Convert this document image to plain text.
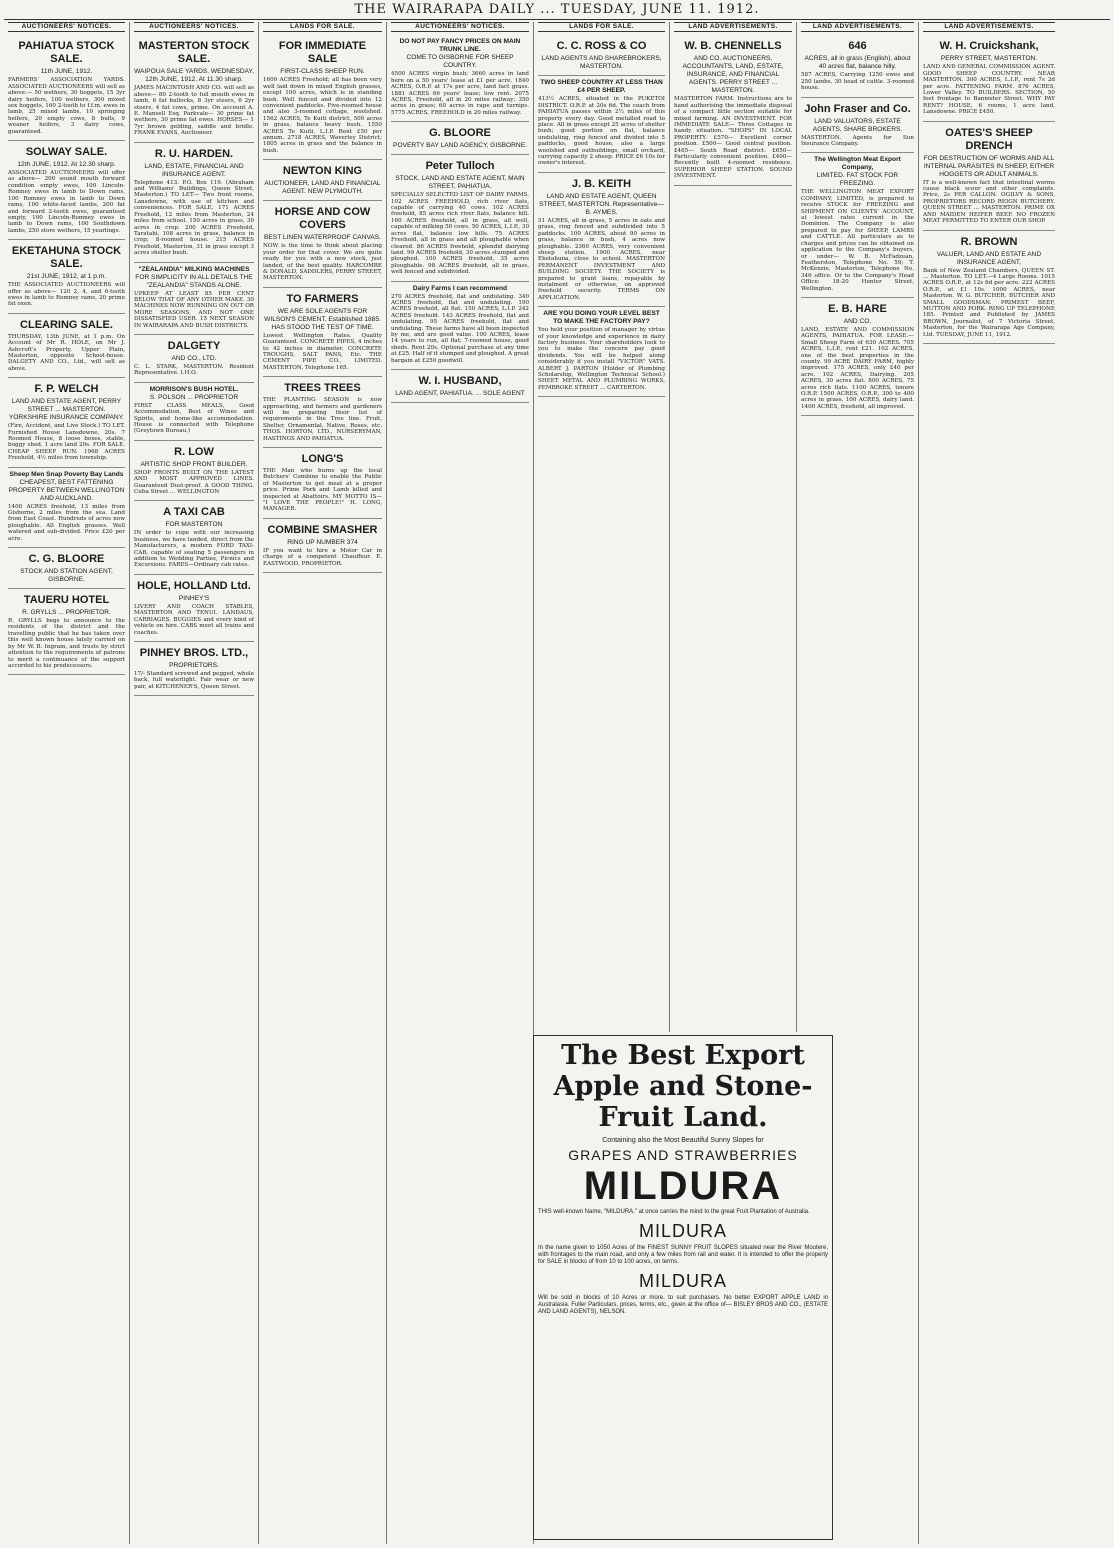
THE WAIRARAPA DAILY ... TUESDAY, JUNE 11. 1912.
AUCTIONEERS' NOTICES.
PAHIATUA STOCK SALE.
11th JUNE, 1912.

FARMERS' ASSOCIATION YARDS. ASSOCIATED AUCTIONEERS will sell as above:— 50 wethers, 30 hoggets, 15 3yr dairy heifers, 100 wethers, 300 mixed sex hoggets, 160 2-tooth to f.f.m. ewes in lamb, 25 mixed lambs, 10 springing heifers, 20 empty cows, 8 bulls, 9 weaner heifers, 3 dairy cows, guaranteed.

SOLWAY SALE.
12th JUNE, 1912. At 12.30 sharp.

ASSOCIATED AUCTIONEERS will offer as above— 200 sound mouth forward condition empty ewes, 100 Lincoln-Romney ewes in lamb to Down rams, 100 Romney ewes in lamb to Down rams, 100 white-faced lambs, 200 fat and forward 2-tooth ewes, guaranteed empty, 100 Lincoln-Romney ewes in lamb to Down rams, 100 Southdown lambs, 250 store wethers, 15 yearlings.

EKETAHUNA STOCK SALE.
21st JUNE, 1912, at 1 p.m.

THE ASSOCIATED AUCTIONEERS will offer as above— 120 2, 4, and 6-tooth ewes in lamb to Romney rams, 20 prime fat oxen.

CLEARING SALE.

THURSDAY, 13th JUNE, at 1 p.m. On Account of Mr R. HOLE, on Mr J. Ashcroft's Property, Upper Plain, Masterton, opposite School-house. DALGETY AND CO., Ltd., will sell as above.

F. P. WELCH
LAND AND ESTATE AGENT, PERRY STREET ... MASTERTON. YORKSHIRE INSURANCE COMPANY.

(Fire, Accident, and Live Stock.) TO LET. Furnished House Lansdowne, 20s. 7 Roomed House, 8 loose boxes, stable, buggy shed, 1 acre land 20s. FOR SALE. CHEAP SHEEP RUN. 1968 ACRES Freehold, 4½ miles from township.

Sheep Men Snap Poverty Bay Lands
CHEAPEST, BEST FATTENING PROPERTY BETWEEN WELLINGTON AND AUCKLAND.

1400 ACRES freehold, 13 miles from Gisborne, 2 miles from the sea. Land from East Coast. Hundreds of acres now ploughable. All English grasses. Well watered and sub-divided. Price £20 per acre.

C. G. BLOORE
STOCK AND STATION AGENT, GISBORNE.
TAUERU HOTEL
R. GRYLLS ... PROPRIETOR.

R. GRYLLS begs to announce to the residents of the district and the travelling public that he has taken over this well known house lately carried on by Mr W. B. Ingram, and trusts by strict attention to the requirements of patrons to merit a continuance of the support accorded to his predecessors.

AUCTIONEERS' NOTICES.
MASTERTON STOCK SALE.
WAIPOUA SALE YARDS. WEDNESDAY, 12th JUNE, 1912. At 11.30 sharp.

JAMES MACINTOSH AND CO. will sell as above— 80 2-tooth to full mouth ewes in lamb, 6 fat bullocks, 8 3yr steers, 6 2yr steers, 4 fat cows, prime. On account A. E. Mansell Esq. Parkvale— 30 prime fat wethers, 30 prime fat ewes. HORSES— 1 7yr brown gelding, saddle and bridle. FRANK EVANS, Auctioneer.

R. U. HARDEN.
LAND, ESTATE, FINANCIAL AND INSURANCE AGENT.

Telephone 413. P.O. Box 119. (Abraham and Williams' Buildings, Queen Street, Masterton.) TO LET— Two front rooms, Lansdowne, with use of kitchen and conveniences. FOR SALE. 171 ACRES Freehold, 12 miles from Masterton, 24 miles from school. 150 acres in grass, 30 acres in crop. 200 ACRES Freehold, Taratahi, 108 acres in grass, balance in crop; 8-roomed house. 215 ACRES Freehold, Masterton, 31 in grass except 3 acres shelter bush.

"ZEALANDIA" MILKING MACHINES
FOR SIMPLICITY IN ALL DETAILS THE "ZEALANDIA" STANDS ALONE.

UPKEEP AT LEAST 85 PER CENT BELOW THAT OF ANY OTHER MAKE. 30 MACHINES NOW RUNNING ON OUT OR MORE SEASONS, AND NOT ONE DISSATISFIED USER. 15 NEXT SEASON IN WAIRARAPA AND BUSH DISTRICTS.

DALGETY
AND CO., LTD.

C. L. STARK, MASTERTON. Resident Representative. I.H.O.

MORRISON'S BUSH HOTEL.
S. POLSON ... PROPRIETOR

FIRST CLASS MEALS, Good Accommodation, Best of Wines and Spirits, and home-like accommodation. House is connected with Telephone (Greytown Bureau.)

R. LOW
ARTISTIC SHOP FRONT BUILDER.

SHOP FRONTS BUILT ON THE LATEST AND MOST APPROVED LINES. Guaranteed Dust-proof. A GOOD THING. Cuba Street ... WELLINGTON

A TAXI CAB
FOR MASTERTON

IN order to cope with our increasing business, we have landed, direct from the Manufacturers, a modern FORD TAXI-CAB, capable of seating 5 passengers in addition to Wedding Parties, Picnics and Excursions. FARES—Ordinary cab rates.

HOLE, HOLLAND Ltd.
PINHEY'S

LIVERY AND COACH STABLES, MASTERTON AND TENUI. LANDAUS, CARRIAGES, BUGGIES and every kind of vehicle on hire. CABS meet all trains and coaches.

PINHEY BROS. LTD.,
PROPRIETORS.

17/- Standard screwed and pegged, whole back, full waterlight. Fair wear or new pair, at KITCHENER'S, Queen Street.

LANDS FOR SALE.
FOR IMMEDIATE SALE
FIRST-CLASS SHEEP RUN.

1600 ACRES Freehold; all has been very well laid down in mixed English grasses, except 100 acres, which is in standing bush. Well fenced and divided into 12 convenient paddocks. Five-roomed house and also 3-roomed cottage, woolshed. 1562 ACRES, Te Kuiti district, 500 acres in grass, balance heavy bush. 1550 ACRES Te Kuiti, L.I.P. Rent £50 per annum. 2718 ACRES, Waverley District; 1805 acres in grass and the balance in bush.

NEWTON KING
AUCTIONEER, LAND AND FINANCIAL AGENT. NEW PLYMOUTH.
HORSE AND COW COVERS
BEST LINEN WATERPROOF CANVAS.

NOW is the time to think about placing your order for that cover. We are quite ready for you with a new stock, just landed, of the best quality. HARCOMBE & DONALD, SADDLERS, PERRY STREET, MASTERTON.

TO FARMERS
WE ARE SOLE AGENTS FOR WILSON'S CEMENT. Established 1885. HAS STOOD THE TEST OF TIME.

Lowest Wellington Rates. Quality Guaranteed. CONCRETE PIPES, 4 inches to 42 inches in diameter. CONCRETE TROUGHS, SALT PANS, Etc. THE CEMENT PIPE CO., LIMITED. MASTERTON. Telephone 165.

TREES TREES

THE PLANTING SEASON is now approaching, and farmers and gardeners will be preparing their list of requirements in the Tree line. Fruit, Shelter, Ornamental, Native, Roses, etc. THOS. HORTON, LTD., NURSERYMAN, HASTINGS AND PAHIATUA.

LONG'S

THE Man who burns up the local Butchers' Combine to enable the Public of Masterton to get meat at a proper price. Prime Pork and Lamb killed and inspected at Abattoirs. MY MOTTO IS— "I LOVE THE PEOPLE!" H. LONG, MANAGER.

COMBINE SMASHER
RING UP NUMBER 374

IF you want to hire a Motor Car in charge of a competent Chauffeur. E. EASTWOOD, PROPRIETOR.

AUCTIONEERS' NOTICES.
DO NOT PAY FANCY PRICES ON MAIN TRUNK LINE.
COME TO GISBORNE FOR SHEEP COUNTRY.

4500 ACRES virgin bush; 3660 acres in land here on a 50 years' lease at £1 per acre. 1840 ACRES, O.R.P. at 17s per acre, land fact grass. 1881 ACRES 66 years' lease; low rent. 2075 ACRES, Freehold, all in 20 miles railway; 350 acres in grass; 60 acres in rape and turnips. 5775 ACRES, FREEHOLD in 20 miles railway.

G. BLOORE
POVERTY BAY LAND AGENCY, GISBORNE.
Peter Tulloch
STOCK, LAND AND ESTATE AGENT, MAIN STREET, PAHIATUA.

SPECIALLY SELECTED LIST OF DAIRY FARMS. 102 ACRES FREEHOLD, rich river flats, capable of carrying 40 cows. 102 ACRES freehold, 85 acres rich river flats, balance hill. 160 ACRES freehold, all in grass, all well, capable of milking 50 cows. 50 ACRES, L.I.P., 30 acres flat, balance low hills. 75 ACRES Freehold, all in grass and all ploughable when cleared. 86 ACRES freehold, splendid dairying land. 99 ACRES freehold, 30 acres stumped and ploughed. 100 ACRES freehold, 35 acres ploughable. 98 ACRES freehold, all in grass, well fenced and subdivided.

Dairy Farms I can recommend

270 ACRES freehold, flat and undulating. 340 ACRES freehold, flat and undulating. 190 ACRES freehold, all flat. 150 ACRES, L.I.P. 242 ACRES freehold. 143 ACRES freehold, flat and undulating. 95 ACRES freehold, flat and undulating. These farms have all been inspected by me, and are good value. 100 ACRES, lease 14 years to run, all flat; 7-roomed house, good sheds. Rent 20s. Optional purchase at any time at £25. Half of it stumped and ploughed. A great bargain at £250 goodwill.

W. I. HUSBAND,
LAND AGENT, PAHIATUA. ... SOLE AGENT
LANDS FOR SALE.
C. C. ROSS & CO
LAND AGENTS AND SHAREBROKERS, MASTERTON.
TWO SHEEP COUNTRY AT LESS THAN £4 PER SHEEP.

413½ ACRES, situated in the PUKETOI DISTRICT. O.R.P. at 20s 6d. The coach from PAHIATUA passes within 2½ miles of this property every day. Good metalled road to place. All in grass except 25 acres of shelter bush; good portion on flat, balance undulating, ring fenced and divided into 5 paddocks, good house, also a large woolshed and outbuildings, small orchard, carrying capacity 2 sheep. PRICE £6 10s for owner's interest.

J. B. KEITH
LAND AND ESTATE AGENT, QUEEN STREET, MASTERTON. Representative—B. AYMES.

51 ACRES, all in grass, 5 acres in oats and grass, ring fenced and subdivided into 5 paddocks. 100 ACRES, about 90 acres in grass, balance in bush, 4 acres now ploughable. 2360 ACRES, very convenient sheep station. 1900 ACRES, near Eketahuna, close to school. MASTERTON PERMANENT INVESTMENT AND BUILDING SOCIETY. THE SOCIETY is prepared to grant loans, repayable by instalment or otherwise, on approved freehold security. TERMS ON APPLICATION.

ARE YOU DOING YOUR LEVEL BEST TO MAKE THE FACTORY PAY?

You held your position of manager by virtue of your knowledge and experience in dairy factory business. Your shareholders look to you to make the concern pay good dividends. You will be helped along considerably if you install "VICTOR" VATS. ALBERT J. PARTON (Holder of Plumbing Scholarship, Wellington Technical School.) SHEET METAL AND PLUMBING WORKS, PEMBROKE STREET ... CARTERTON.

LAND ADVERTISEMENTS.
W. B. CHENNELLS
AND CO. AUCTIONEERS, ACCOUNTANTS, LAND, ESTATE, INSURANCE, AND FINANCIAL AGENTS. PERRY STREET ... MASTERTON.

MASTERTON FARM. Instructions are to hand authorising the immediate disposal of a compact little section suitable for mixed farming. AN INVESTMENT. FOR IMMEDIATE SALE— Three Cottages in handy situation. "SHOPS" IN LOCAL PROPERTY. £570— Excellent corner position. £500— Good central position. £465— South Road district. £650— Particularly convenient position. £400— Recently built 4-roomed residence. SUPERIOR SHEEP STATION. SOUND INVESTMENT.

LAND ADVERTISEMENTS.
646
ACRES, all in grass (English), about 40 acres flat, balance hilly.

587 ACRES, Carrying 1250 ewes and 250 lambs, 30 head of cattle. 3-roomed house.

John Fraser and Co.
LAND VALUATORS, ESTATE AGENTS, SHARE BROKERS.

MASTERTON. Agents for Sun Insurance Company.

The Wellington Meat Export Company,
LIMITED. FAT STOCK FOR FREEZING.

THE WELLINGTON MEAT EXPORT COMPANY, LIMITED, is prepared to receive STOCK for FREEZING and SHIPMENT ON CLIENTS' ACCOUNT, at lowest rates current in the Dominion. The Company is also prepared to pay for SHEEP, LAMBS and CATTLE. All particulars as to charges and prices can be obtained on application to the Company's buyers, or under— W. B. McFadzean, Featherston, Telephone No. 59; T. McKenzie, Masterton, Telephone No. 346 office. Or to the Company's Head Office: 18-20 Hunter Street, Wellington.

E. B. HARE
AND CO.

LAND, ESTATE AND COMMISSION AGENTS, PAHIATUA. FOR LEASE.—Small Sheep Farm of 630 ACRES. 705 ACRES, L.I.P., rent £21. 102 ACRES, one of the best properties in the county. 99 ACRE DAIRY FARM, highly improved. 175 ACRES, only £40 per acre. 102 ACRES, Dairying. 205 ACRES, 30 acres flat. 800 ACRES, 75 acres rich flats. 1100 ACRES, tenure O.R.P. 1500 ACRES, O.R.P., 300 to 400 acres in grass. 100 ACRES, dairy land. 1400 ACRES, freehold, all improved.

LAND ADVERTISEMENTS.
W. H. Cruickshank,
PERRY STREET, MASTERTON.

LAND AND GENERAL COMMISSION AGENT. GOOD SHEEP COUNTRY. NEAR MASTERTON. 300 ACRES, L.I.P., rent 7s 2d per acre. FATTENING FARM. 876 ACRES, Lower Valley. TO BUILDERS. SECTION, 50 feet frontage to Bannister Street. WHY PAY RENT? HOUSE, 6 rooms, 1 acre land, Lansdowne. PRICE £450.

OATES'S SHEEP DRENCH
FOR DESTRUCTION OF WORMS AND ALL INTERNAL PARASITES IN SHEEP, EITHER HOGGETS OR ADULT ANIMALS.

IT is a well-known fact that intestinal worms cause black scour and other complaints. Price, 2s PER CALLON. OGILVY & SONS, PROPRIETORS RECORD REIGN BUTCHERY. QUEEN STREET ... MASTERTON. PRIME OX AND MAIDEN HEIFER BEEF. NO FROZEN MEAT PERMITTED TO ENTER OUR SHOP.

R. BROWN
VALUER, LAND AND ESTATE AND INSURANCE AGENT,

Bank of New Zealand Chambers, QUEEN ST. ... Masterton. TO LET.—4 Large Rooms. 1015 ACRES O.R.P., at 12s 6d per acre. 222 ACRES O.R.P., at £1 10s. 1000 ACRES, near Masterton. W. G. BUTCHER. BUTCHER AND SMALL GOODSMAN. PRIMEST BEEF, MUTTON AND PORK. RING UP TELEPHONE 185. Printed and Published by JAMES BROWN, Journalist, of 7 Victoria Street, Masterton, for the Wairarapa Age Company, Ltd. TUESDAY, JUNE 11, 1912.

The Best Export Apple and Stone-Fruit Land.
Containing also the Most Beautiful Sunny Slopes for
GRAPES AND STRAWBERRIES
MILDURA
THIS well-known Name, "MILDURA," at once carries the mind to the great Fruit Plantation of Australia.
MILDURA
In the name given to 1050 Acres of the FINEST SUNNY FRUIT SLOPES situated near the River Moutere, with frontages to the main road, and only a few miles from rail and water. It is intended to offer the property for SALE in blocks of from 10 to 100 acres, on terms.
MILDURA
Will be sold in blocks of 10 Acres or more, to suit purchasers. No better EXPORT APPLE LAND in Australasia. Fuller Particulars, prices, terms, etc., given at the office of— BISLEY BROS AND CO., (ESTATE AND LAND AGENTS), NELSON.
